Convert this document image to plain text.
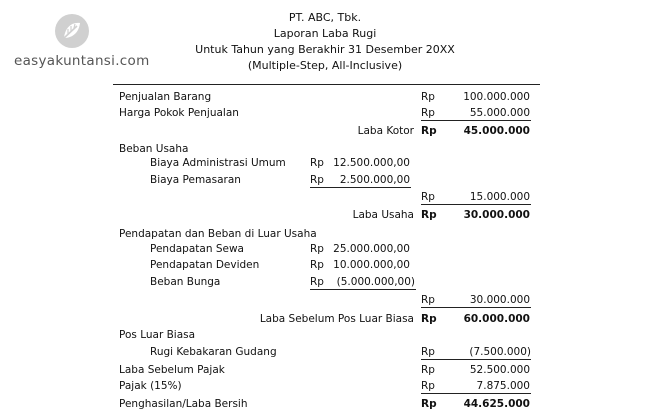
easyakuntansi.com
PT. ABC, Tbk.
Laporan Laba Rugi
Untuk Tahun yang Berakhir 31 Desember 20XX
(Multiple-Step, All-Inclusive)
Penjualan Barang	Rp	100.000.000
Harga Pokok Penjualan	Rp	55.000.000
Laba Kotor Rp	45.000.000
Beban Usaha
Biaya Administrasi Umum Rp 12.500.000,00
Biaya Pemasaran	Rp	2.500.000,00
Rp	15.000.000
Laba Usaha Rp	30.000.000
Pendapatan dan Beban di Luar Usaha
Pendapatan Sewa	Rp 25.000.000,00
Pendapatan Deviden	Rp 10.000.000,00
Beban Bunga	Rp	(5.000.000,00)
Rp	30.000.000
Laba Sebelum Pos Luar Biasa Rp	60.000.000
Pos Luar Biasa
Rugi Kebakaran Gudang	Rp	(7.500.000)
Laba Sebelum Pajak	Rp	52.500.000
Pajak (15%)	Rp	7.875.000
Penghasilan/Laba Bersih	Rp	44.625.000
